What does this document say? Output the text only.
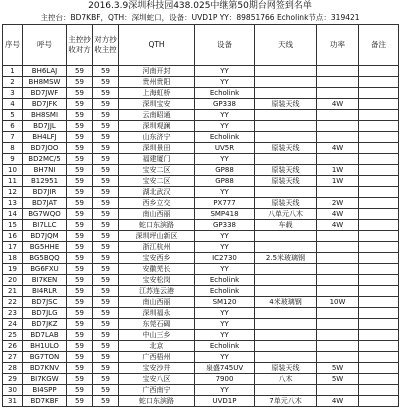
2016.3.9深圳科技园438.025中继第50期台网签到名单
主控台：BD7KBF，QTH：深圳蛇口，设备：UVD1P YY：89851766 Echolink节点：319421
序号	呼号	主控抄收对方	对方抄收主控	QTH	设备	天线	功率	备注
1	BH6LAJ	59	59	河南开封	YY			
2	BH8MSW	59	59	贵州贵阳	YY			
3	BD7JWF	59	59	上海虹桥	Echolink			
4	BD7JFK	59	59	深圳宝安	GP338	原装天线	4W	
5	BH8SMI	59	59	云南昭通	YY			
6	BD7JJL	59	59	深圳观澜	YY			
7	BH4LFJ	59	59	山东济宁	Echolink			
8	BD7JOO	59	59	深圳景田	UV5R	原装天线	4W	
9	BD2MC/5	59	59	福建厦门	YY			
10	BH7NI	59	59	宝安二区	GP88	原装天线	1W	
11	B12951	59	59	宝安二区	GP88	原装天线	1W	
12	BD7JIR	59	59	湖北武汉	YY			
13	BD7JAT	59	59	西乡立交	PX777	原装天线	2W	
14	BG7WQO	59	59	南山西丽	SMP418	八单元八木	4W	
15	BI7LLC	59	59	蛇口东滨路	GP338	车载	4W	
16	BD7JQM	59	59	深圳坪山新区	YY			
17	BG5HHE	59	59	浙江杭州	YY			
18	BG5BQQ	59	59	宝安西乡	IC2730	2.5米玻璃钢		
19	BG6FXU	59	59	安徽芜长	YY			
20	BI7KEN	59	59	宝安松岗	Echolink			
21	BI4RLR	59	59	江苏连云港	Echolink			
22	BD7JSC	59	59	南山西丽	SM120	4米玻璃钢	10W	
23	BD7JLG	59	59	深圳福永	YY			
24	BD7JKZ	59	59	东莞石碣	YY			
25	BD7LAB	59	59	中山三乡	YY			
26	BH1ULO	59	59	北京	Echolink			
27	BG7TON	59	59	广西梧州	YY			
28	BD7KNV	59	59	宝安沙井	泉盛745UV	原装天线	5W	
29	BI7KGW	59	59	宝安八区	7900	八木	5W	
30	BI4SPP	59	59	广西南宁	YY			
31	BD7KBF	59	59	蛇口东滨路	UVD1P	7单元八木	4W	
